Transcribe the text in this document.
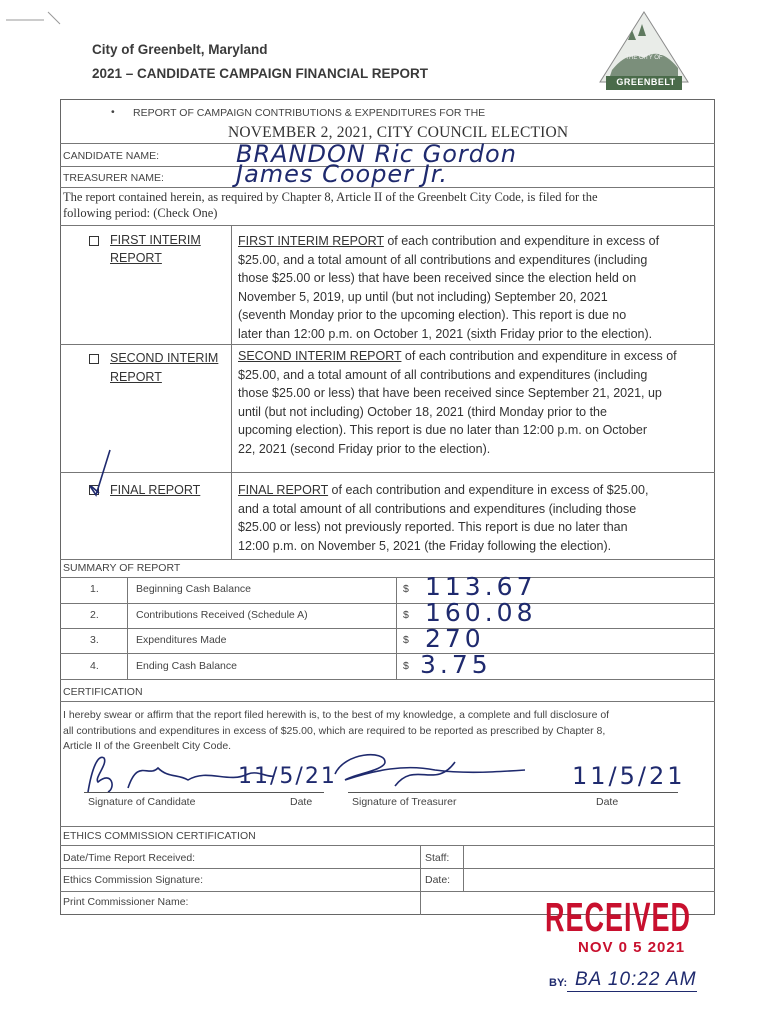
City of Greenbelt, Maryland
2021 – CANDIDATE CAMPAIGN FINANCIAL REPORT
THE CITY OF
GREENBELT
• REPORT OF CAMPAIGN CONTRIBUTIONS & EXPENDITURES FOR THE
NOVEMBER 2, 2021, CITY COUNCIL ELECTION
CANDIDATE NAME:	BRANDON Ric Gordon
TREASURER NAME:	James Cooper Jr.
The report contained herein, as required by Chapter 8, Article II of the Greenbelt City Code, is filed for the
following period: (Check One)
FIRST INTERIM
REPORT
FIRST INTERIM REPORT of each contribution and expenditure in excess of
$25.00, and a total amount of all contributions and expenditures (including
those $25.00 or less) that have been received since the election held on
November 5, 2019, up until (but not including) September 20, 2021
(seventh Monday prior to the upcoming election). This report is due no
later than 12:00 p.m. on October 1, 2021 (sixth Friday prior to the election).
SECOND INTERIM
REPORT
SECOND INTERIM REPORT of each contribution and expenditure in excess of
$25.00, and a total amount of all contributions and expenditures (including
those $25.00 or less) that have been received since September 21, 2021, up
until (but not including) October 18, 2021 (third Monday prior to the
upcoming election). This report is due no later than 12:00 p.m. on October
22, 2021 (second Friday prior to the election).
FINAL REPORT	FINAL REPORT of each contribution and expenditure in excess of $25.00,
and a total amount of all contributions and expenditures (including those
$25.00 or less) not previously reported. This report is due no later than
12:00 p.m. on November 5, 2021 (the Friday following the election).
SUMMARY OF REPORT
1.	Beginning Cash Balance	$ 113.67
2.	Contributions Received (Schedule A)	$ 160.08
3.	Expenditures Made	$ 270
4.	Ending Cash Balance	$ 3.75
CERTIFICATION
I hereby swear or affirm that the report filed herewith is, to the best of my knowledge, a complete and full disclosure of
all contributions and expenditures in excess of $25.00, which are required to be reported as prescribed by Chapter 8,
Article II of the Greenbelt City Code.
11/5/21	11/5/21
Signature of Candidate	Date	Signature of Treasurer	Date
ETHICS COMMISSION CERTIFICATION
Date/Time Report Received:	Staff:
Ethics Commission Signature:	Date:
Print Commissioner Name:	RECEIVED
NOV 0 5 2021
BY: BA 10:22 AM
